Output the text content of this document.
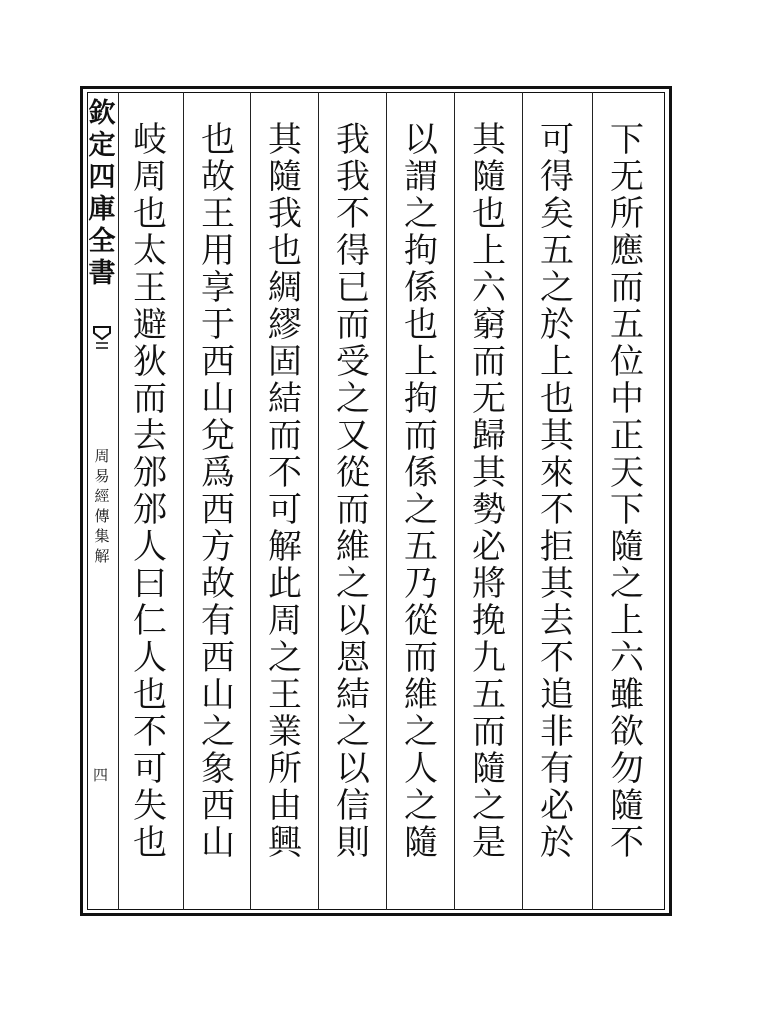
欽
定
四
庫
全
書
周
易
經
傳
集
解
四
下
无
所
應
而
五
位
中
正
天
下
隨
之
上
六
雖
欲
勿
隨
不
可
得
矣
五
之
於
上
也
其
來
不
拒
其
去
不
追
非
有
必
於
其
隨
也
上
六
窮
而
无
歸
其
勢
必
將
挽
九
五
而
隨
之
是
以
謂
之
拘
係
也
上
拘
而
係
之
五
乃
從
而
維
之
人
之
隨
我
我
不
得
已
而
受
之
又
從
而
維
之
以
恩
結
之
以
信
則
其
隨
我
也
綢
繆
固
結
而
不
可
解
此
周
之
王
業
所
由
興
也
故
王
用
享
于
西
山
兌
爲
西
方
故
有
西
山
之
象
西
山
岐
周
也
太
王
避
狄
而
去
邠
邠
人
曰
仁
人
也
不
可
失
也
